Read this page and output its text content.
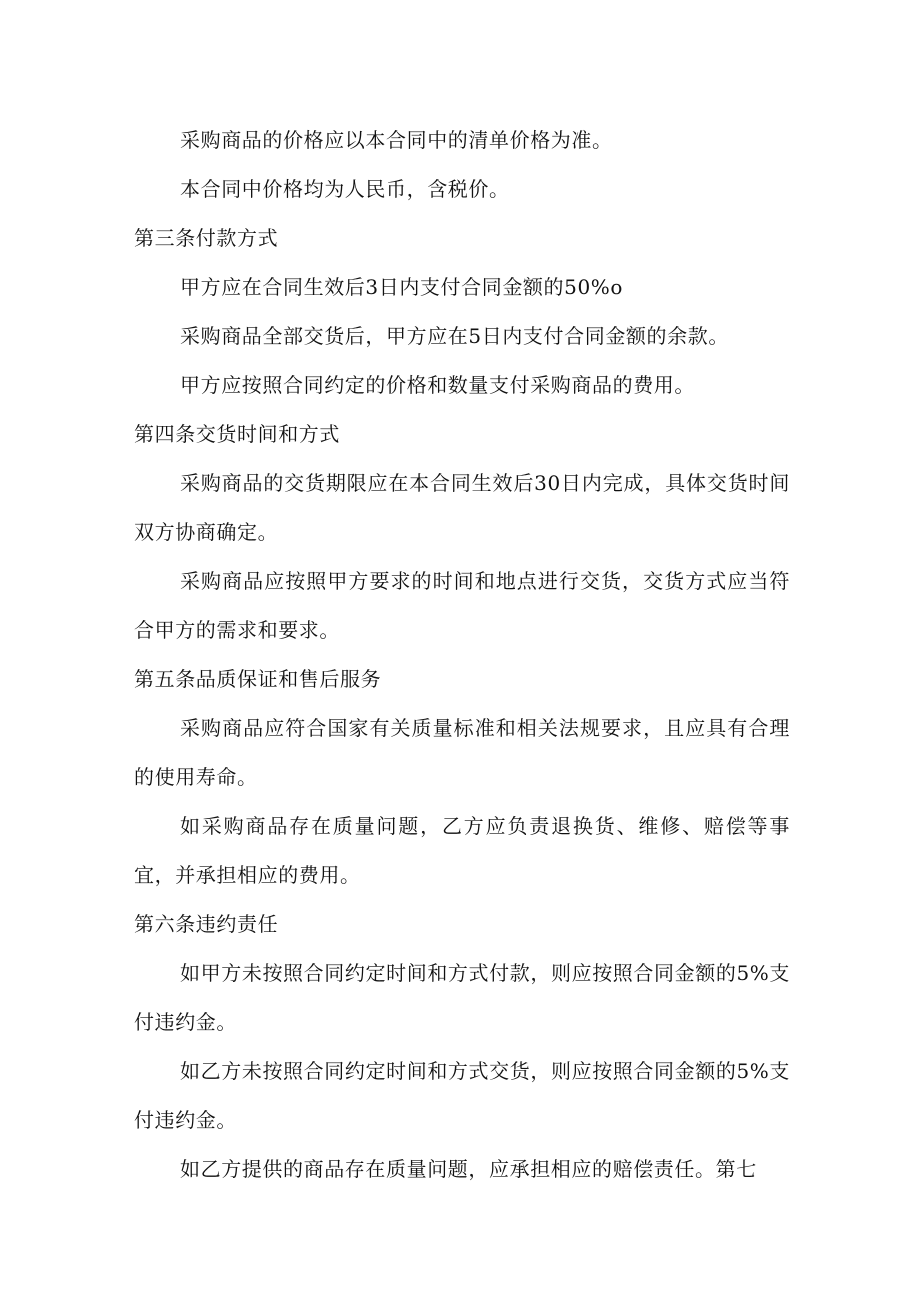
采购商品的价格应以本合同中的清单价格为准。

本合同中价格均为人民币，含税价。

第三条付款方式

甲方应在合同生效后3日内支付合同金额的50%o

采购商品全部交货后，甲方应在5日内支付合同金额的余款。

甲方应按照合同约定的价格和数量支付采购商品的费用。

第四条交货时间和方式

采购商品的交货期限应在本合同生效后30日内完成，具体交货时间双方协商确定。

采购商品应按照甲方要求的时间和地点进行交货，交货方式应当符合甲方的需求和要求。

第五条品质保证和售后服务

采购商品应符合国家有关质量标准和相关法规要求，且应具有合理的使用寿命。

如采购商品存在质量问题，乙方应负责退换货、维修、赔偿等事宜，并承担相应的费用。

第六条违约责任

如甲方未按照合同约定时间和方式付款，则应按照合同金额的5%支付违约金。

如乙方未按照合同约定时间和方式交货，则应按照合同金额的5%支付违约金。

如乙方提供的商品存在质量问题，应承担相应的赔偿责任。第七
